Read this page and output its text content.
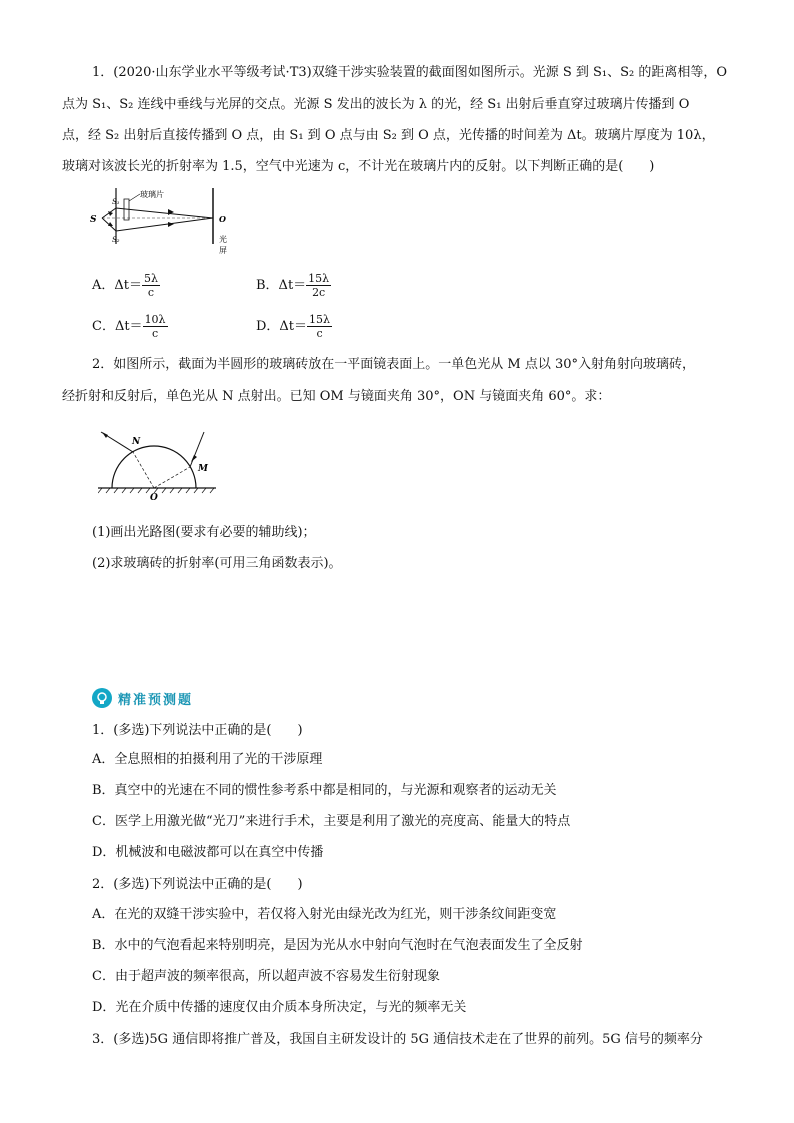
1．(2020·山东学业水平等级考试·T3)双缝干涉实验装置的截面图如图所示。光源 S 到 S₁、S₂ 的距离相等，O
点为 S₁、S₂ 连线中垂线与光屏的交点。光源 S 发出的波长为 λ 的光，经 S₁ 出射后垂直穿过玻璃片传播到 O
点，经 S₂ 出射后直接传播到 O 点，由 S₁ 到 O 点与由 S₂ 到 O 点，光传播的时间差为 Δt。玻璃片厚度为 10λ，
玻璃对该波长光的折射率为 1.5，空气中光速为 c，不计光在玻璃片内的反射。以下判断正确的是(　　)
S
S₁
S₂
玻璃片
O
光
屏
A．$\Delta t= \frac{5\lambda}{c}$	B．$\Delta t= \frac{15\lambda}{2c}$
C．$\Delta t= \frac{10\lambda}{c}$	D．$\Delta t= \frac{15\lambda}{c}$
2．如图所示，截面为半圆形的玻璃砖放在一平面镜表面上。一单色光从 M 点以 30°入射角射向玻璃砖，
经折射和反射后，单色光从 N 点射出。已知 OM 与镜面夹角 30°，ON 与镜面夹角 60°。求：
N
M
O
(1)画出光路图(要求有必要的辅助线)；
(2)求玻璃砖的折射率(可用三角函数表示)。
精准预测题
1．(多选)下列说法中正确的是(　　)
A．全息照相的拍摄利用了光的干涉原理
B．真空中的光速在不同的惯性参考系中都是相同的，与光源和观察者的运动无关
C．医学上用激光做“光刀”来进行手术，主要是利用了激光的亮度高、能量大的特点
D．机械波和电磁波都可以在真空中传播
2．(多选)下列说法中正确的是(　　)
A．在光的双缝干涉实验中，若仅将入射光由绿光改为红光，则干涉条纹间距变宽
B．水中的气泡看起来特别明亮，是因为光从水中射向气泡时在气泡表面发生了全反射
C．由于超声波的频率很高，所以超声波不容易发生衍射现象
D．光在介质中传播的速度仅由介质本身所决定，与光的频率无关
3．(多选)5G 通信即将推广普及，我国自主研发设计的 5G 通信技术走在了世界的前列。5G 信号的频率分
